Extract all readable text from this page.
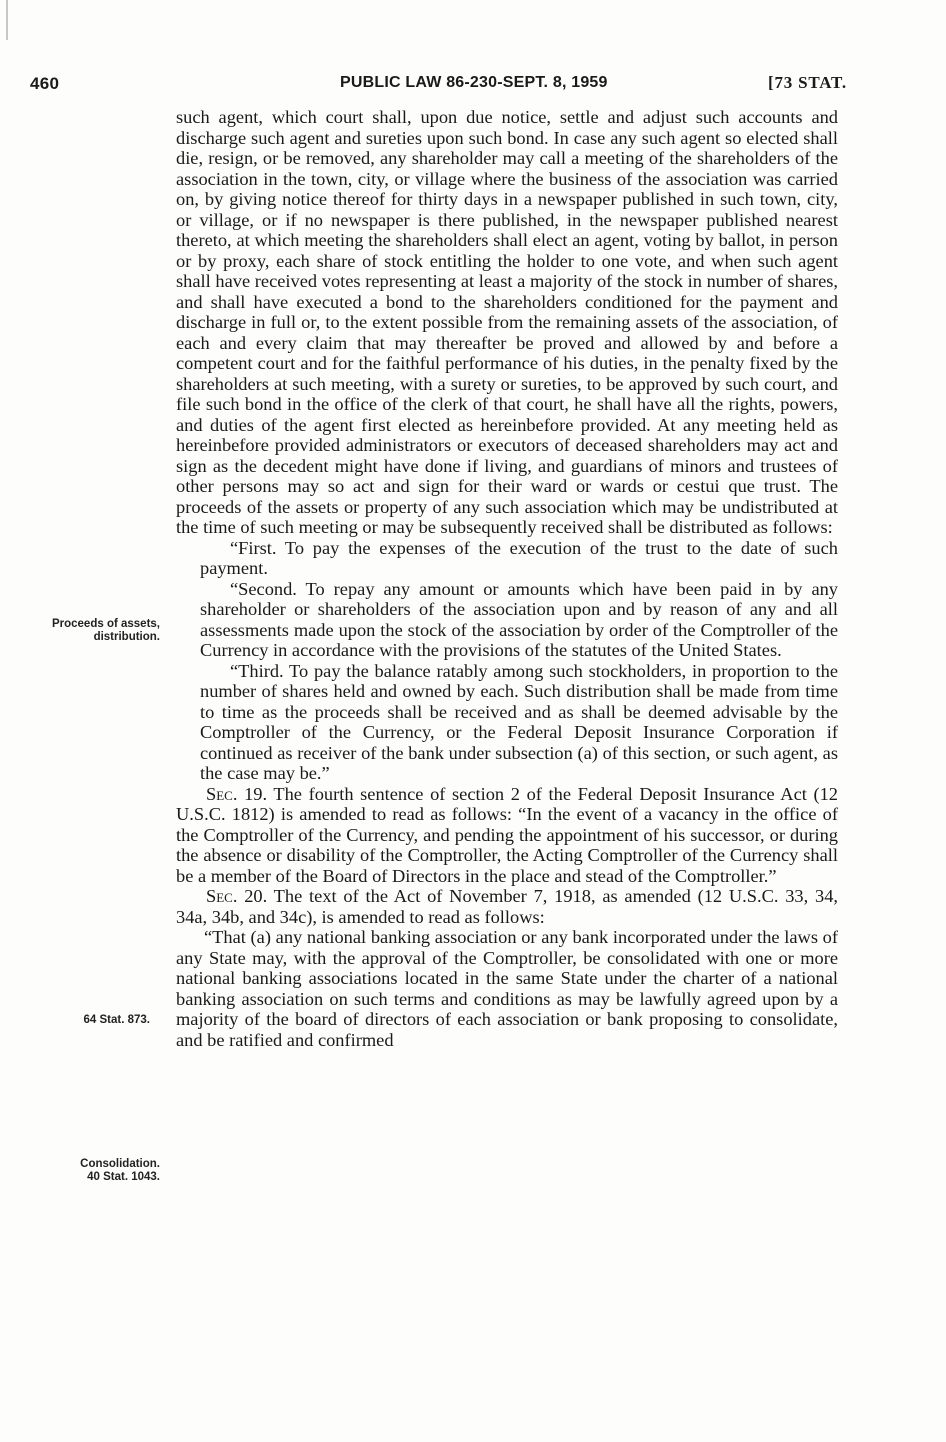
460	PUBLIC LAW 86-230-SEPT. 8, 1959	[73 STAT.
Proceeds of assets, distribution.
64 Stat. 873.
Consolidation.
40 Stat. 1043.

such agent, which court shall, upon due notice, settle and adjust such accounts and discharge such agent and sureties upon such bond. In case any such agent so elected shall die, resign, or be removed, any shareholder may call a meeting of the shareholders of the association in the town, city, or village where the business of the association was carried on, by giving notice thereof for thirty days in a newspaper published in such town, city, or village, or if no newspaper is there published, in the newspaper published nearest thereto, at which meeting the shareholders shall elect an agent, voting by ballot, in person or by proxy, each share of stock entitling the holder to one vote, and when such agent shall have received votes representing at least a majority of the stock in number of shares, and shall have executed a bond to the shareholders conditioned for the payment and discharge in full or, to the extent possible from the remaining assets of the association, of each and every claim that may thereafter be proved and allowed by and before a competent court and for the faithful performance of his duties, in the penalty fixed by the shareholders at such meeting, with a surety or sureties, to be approved by such court, and file such bond in the office of the clerk of that court, he shall have all the rights, powers, and duties of the agent first elected as hereinbefore provided. At any meeting held as hereinbefore provided administrators or executors of deceased shareholders may act and sign as the decedent might have done if living, and guardians of minors and trustees of other persons may so act and sign for their ward or wards or cestui que trust. The proceeds of the assets or property of any such association which may be undistributed at the time of such meeting or may be subsequently received shall be distributed as follows:

“First. To pay the expenses of the execution of the trust to the date of such payment.

“Second. To repay any amount or amounts which have been paid in by any shareholder or shareholders of the association upon and by reason of any and all assessments made upon the stock of the association by order of the Comptroller of the Currency in accordance with the provisions of the statutes of the United States.

“Third. To pay the balance ratably among such stockholders, in proportion to the number of shares held and owned by each. Such distribution shall be made from time to time as the proceeds shall be received and as shall be deemed advisable by the Comptroller of the Currency, or the Federal Deposit Insurance Corporation if continued as receiver of the bank under subsection (a) of this section, or such agent, as the case may be.”

Sec. 19. The fourth sentence of section 2 of the Federal Deposit Insurance Act (12 U.S.C. 1812) is amended to read as follows: “In the event of a vacancy in the office of the Comptroller of the Currency, and pending the appointment of his successor, or during the absence or disability of the Comptroller, the Acting Comptroller of the Currency shall be a member of the Board of Directors in the place and stead of the Comptroller.”

Sec. 20. The text of the Act of November 7, 1918, as amended (12 U.S.C. 33, 34, 34a, 34b, and 34c), is amended to read as follows:

“That (a) any national banking association or any bank incorporated under the laws of any State may, with the approval of the Comptroller, be consolidated with one or more national banking associations located in the same State under the charter of a national banking association on such terms and conditions as may be lawfully agreed upon by a majority of the board of directors of each association or bank proposing to consolidate, and be ratified and confirmed
